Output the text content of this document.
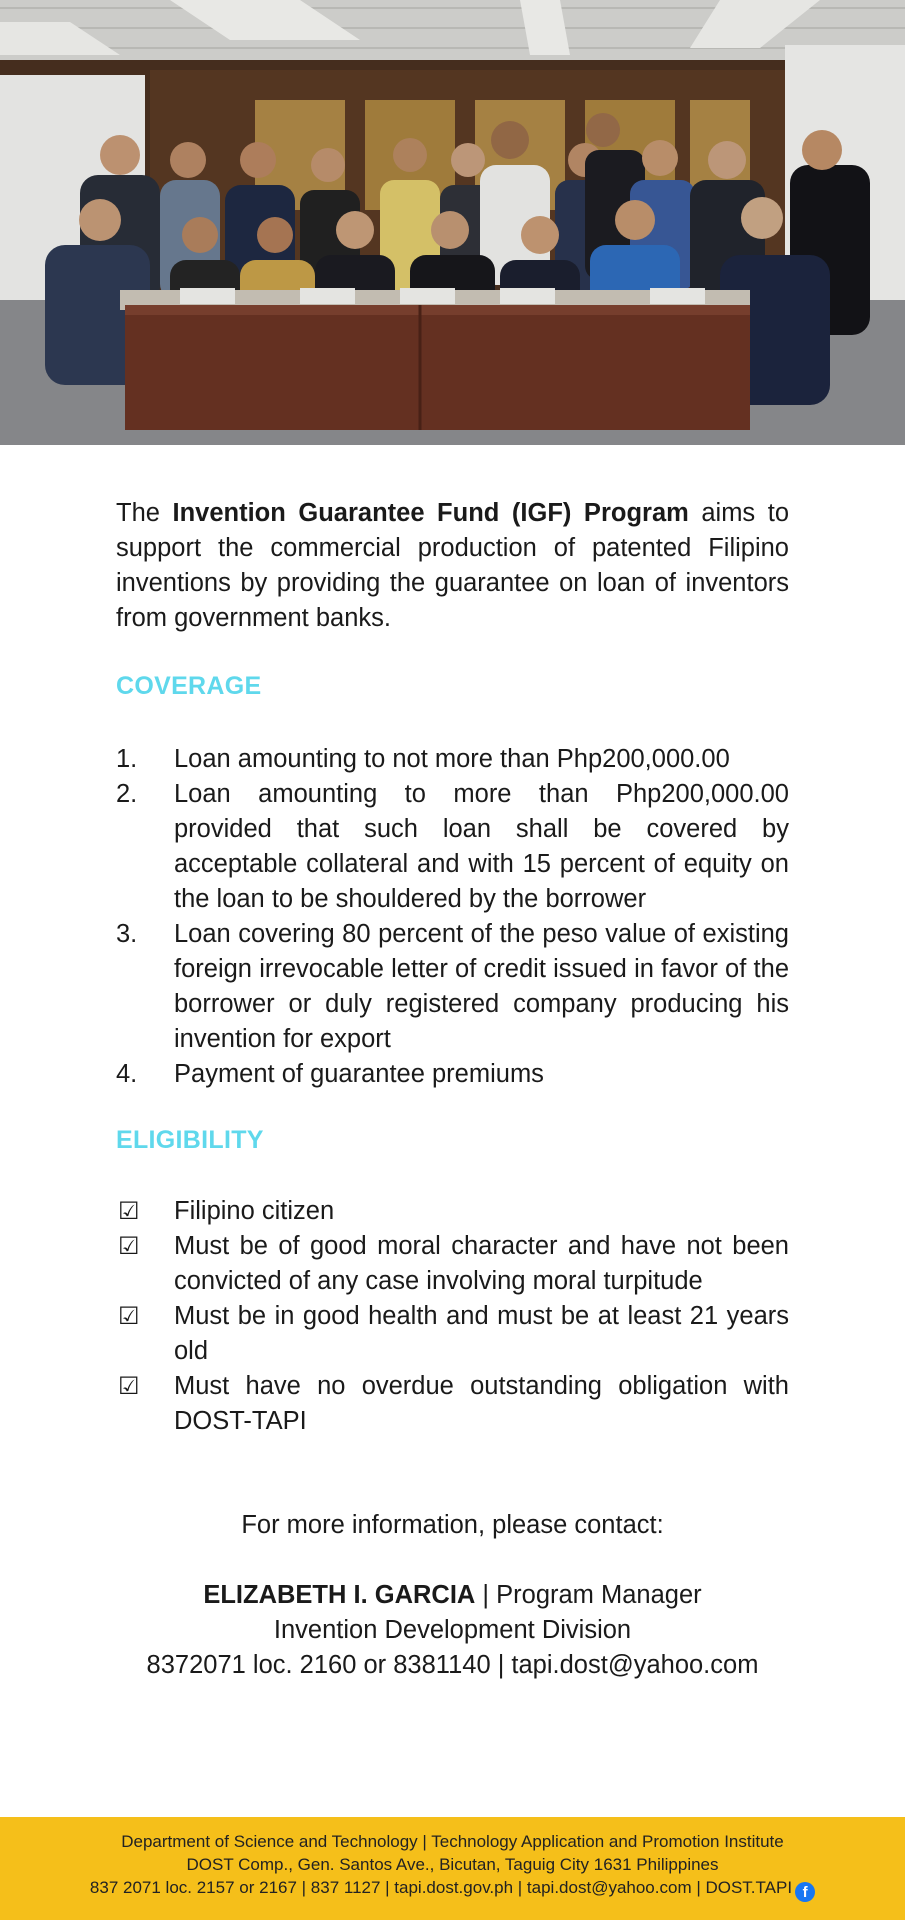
The Invention Guarantee Fund (IGF) Program aims to support the commercial production of patented Filipino inventions by providing the guarantee on loan of inventors from government banks.

COVERAGE
1. Loan amounting to not more than Php200,000.00
2. Loan amounting to more than Php200,000.00 provided that such loan shall be covered by acceptable collateral and with 15 percent of equity on the loan to be shouldered by the borrower
3. Loan covering 80 percent of the peso value of existing foreign irrevocable letter of credit issued in favor of the borrower or duly registered company producing his invention for export
4. Payment of guarantee premiums
ELIGIBILITY
☑ Filipino citizen
☑ Must be of good moral character and have not been convicted of any case involving moral turpitude
☑ Must be in good health and must be at least 21 years old
☑ Must have no overdue outstanding obligation with DOST-TAPI
For more information, please contact:
ELIZABETH I. GARCIA | Program Manager
Invention Development Division
8372071 loc. 2160 or 8381140 | tapi.dost@yahoo.com
Department of Science and Technology | Technology Application and Promotion Institute
DOST Comp., Gen. Santos Ave., Bicutan, Taguig City 1631 Philippines
837 2071 loc. 2157 or 2167 | 837 1127 | tapi.dost.gov.ph | tapi.dost@yahoo.com | DOST.TAPI f
